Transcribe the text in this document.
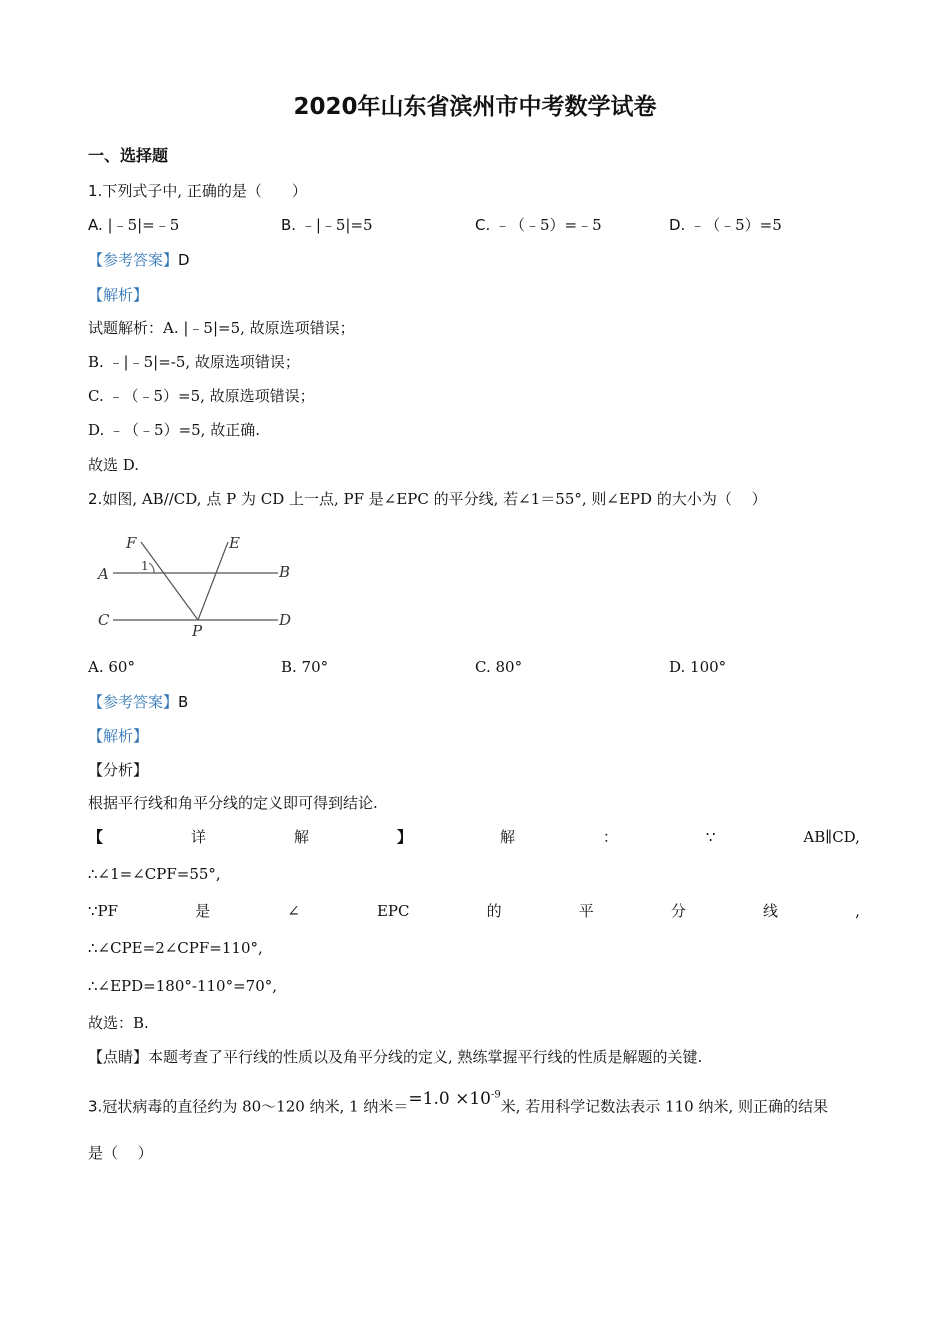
2020年山东省滨州市中考数学试卷
一、选择题
1.下列式子中, 正确的是（　　）
A. |﹣5|=﹣5	B. ﹣|﹣5|=5	C. ﹣（﹣5）=﹣5	D. ﹣（﹣5）=5
【参考答案】D
【解析】
试题解析：A. |﹣5|=5, 故原选项错误；
B. ﹣|﹣5|=-5, 故原选项错误；
C. ﹣（﹣5）=5, 故原选项错误；
D. ﹣（﹣5）=5, 故正确.
故选 D.
2.如图, AB//CD, 点 P 为 CD 上一点, PF 是∠EPC 的平分线, 若∠1＝55°, 则∠EPD 的大小为（　 ）
F	E
A	B
C	D
P
1
A. 60°	B. 70°	C. 80°	D. 100°
【参考答案】B
【解析】
【分析】
根据平行线和角平分线的定义即可得到结论.
【	详	解	】	解	：	∵	AB∥CD,
∴∠1=∠CPF=55°,
∵PF	是	∠	EPC	的	平	分	线	,
∴∠CPE=2∠CPF=110°,
∴∠EPD=180°-110°=70°,
故选：B.
【点睛】本题考查了平行线的性质以及角平分线的定义, 熟练掌握平行线的性质是解题的关键.
3.冠状病毒的直径约为 80～120 纳米, 1 纳米$==1.0 \times 10^{-9}$米, 若用科学记数法表示 110 纳米, 则正确的结果
是（　 ）
